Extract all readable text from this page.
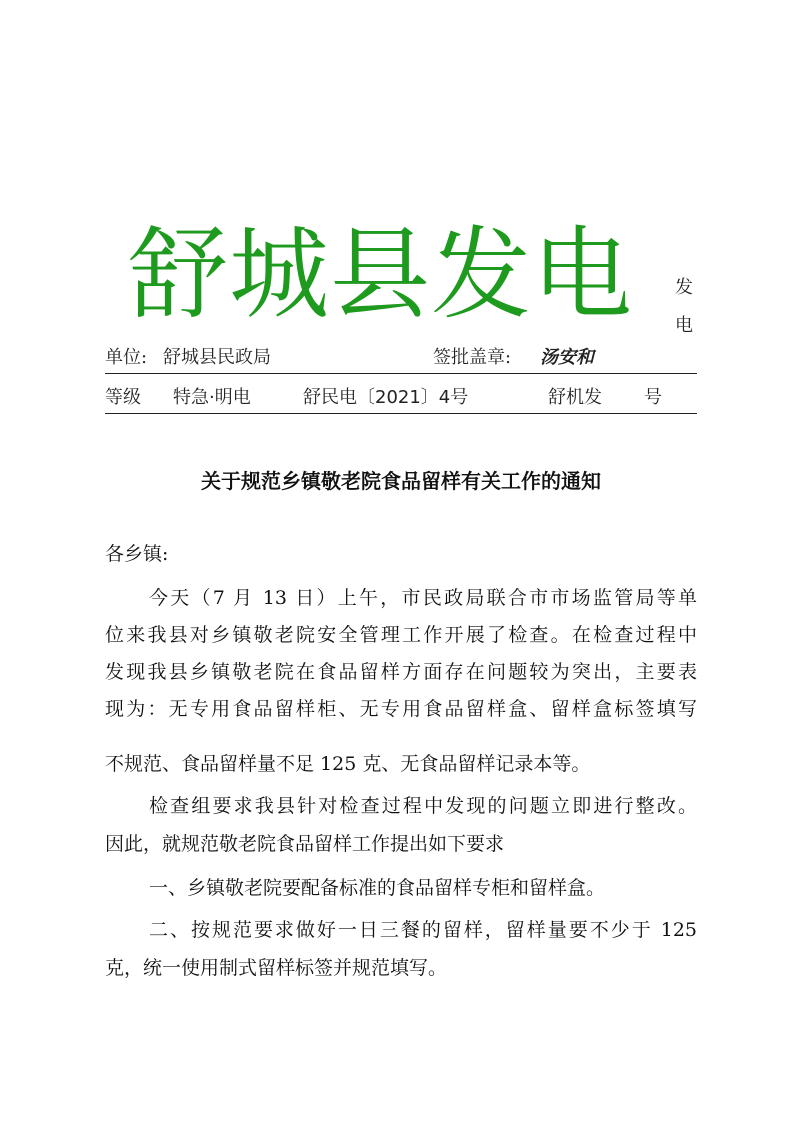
舒城县发电 发
电
单位: 舒城县民政局	签批盖章: 汤安和
等级 特急·明电	舒民电〔2021〕4号	舒机发 号
关于规范乡镇敬老院食品留样有关工作的通知
各乡镇:
今天（7 月 13 日）上午，市民政局联合市市场监管局等单
位来我县对乡镇敬老院安全管理工作开展了检查。在检查过程中
发现我县乡镇敬老院在食品留样方面存在问题较为突出，主要表
现为：无专用食品留样柜、无专用食品留样盒、留样盒标签填写
不规范、食品留样量不足 125 克、无食品留样记录本等。
检查组要求我县针对检查过程中发现的问题立即进行整改。
因此，就规范敬老院食品留样工作提出如下要求
一、乡镇敬老院要配备标准的食品留样专柜和留样盒。
二、按规范要求做好一日三餐的留样，留样量要不少于 125
克，统一使用制式留样标签并规范填写。
